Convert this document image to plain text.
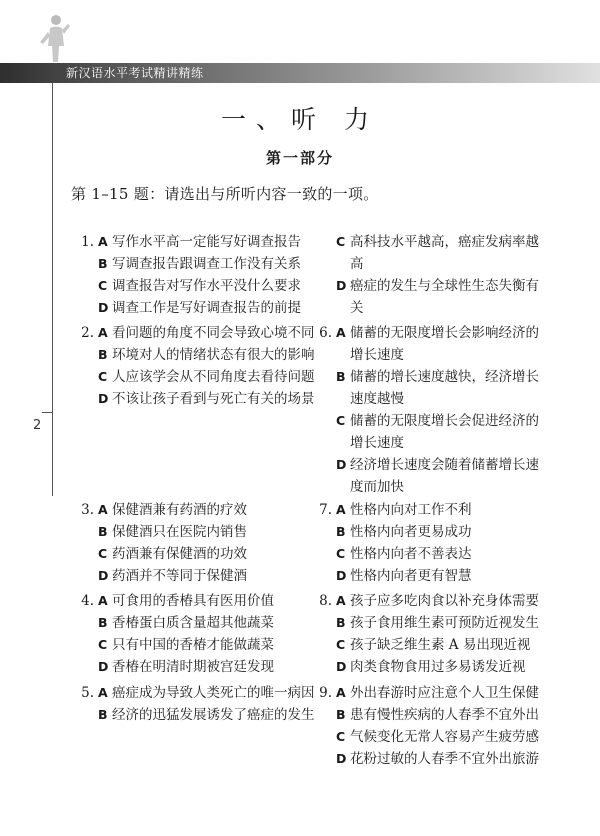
新汉语水平考试精讲精练
2
一、听 力
第一部分
第 1–15 题：请选出与所听内容一致的一项。
1. A 写作水平高一定能写好调查报告
B 写调查报告跟调查工作没有关系
C 调查报告对写作水平没什么要求
D 调查工作是写好调查报告的前提
2. A 看问题的角度不同会导致心境不同
B 环境对人的情绪状态有很大的影响
C 人应该学会从不同角度去看待问题
D 不该让孩子看到与死亡有关的场景
3. A 保健酒兼有药酒的疗效
B 保健酒只在医院内销售
C 药酒兼有保健酒的功效
D 药酒并不等同于保健酒
4. A 可食用的香椿具有医用价值
B 香椿蛋白质含量超其他蔬菜
C 只有中国的香椿才能做蔬菜
D 香椿在明清时期被宫廷发现
5. A 癌症成为导致人类死亡的唯一病因
B 经济的迅猛发展诱发了癌症的发生
C 高科技水平越高，癌症发病率越高
D 癌症的发生与全球性生态失衡有关
6. A 储蓄的无限度增长会影响经济的增长速度
B 储蓄的增长速度越快，经济增长速度越慢
C 储蓄的无限度增长会促进经济的增长速度
D 经济增长速度会随着储蓄增长速度而加快
7. A 性格内向对工作不利
B 性格内向者更易成功
C 性格内向者不善表达
D 性格内向者更有智慧
8. A 孩子应多吃肉食以补充身体需要
B 孩子食用维生素可预防近视发生
C 孩子缺乏维生素 A 易出现近视
D 肉类食物食用过多易诱发近视
9. A 外出春游时应注意个人卫生保健
B 患有慢性疾病的人春季不宜外出
C 气候变化无常人容易产生疲劳感
D 花粉过敏的人春季不宜外出旅游
